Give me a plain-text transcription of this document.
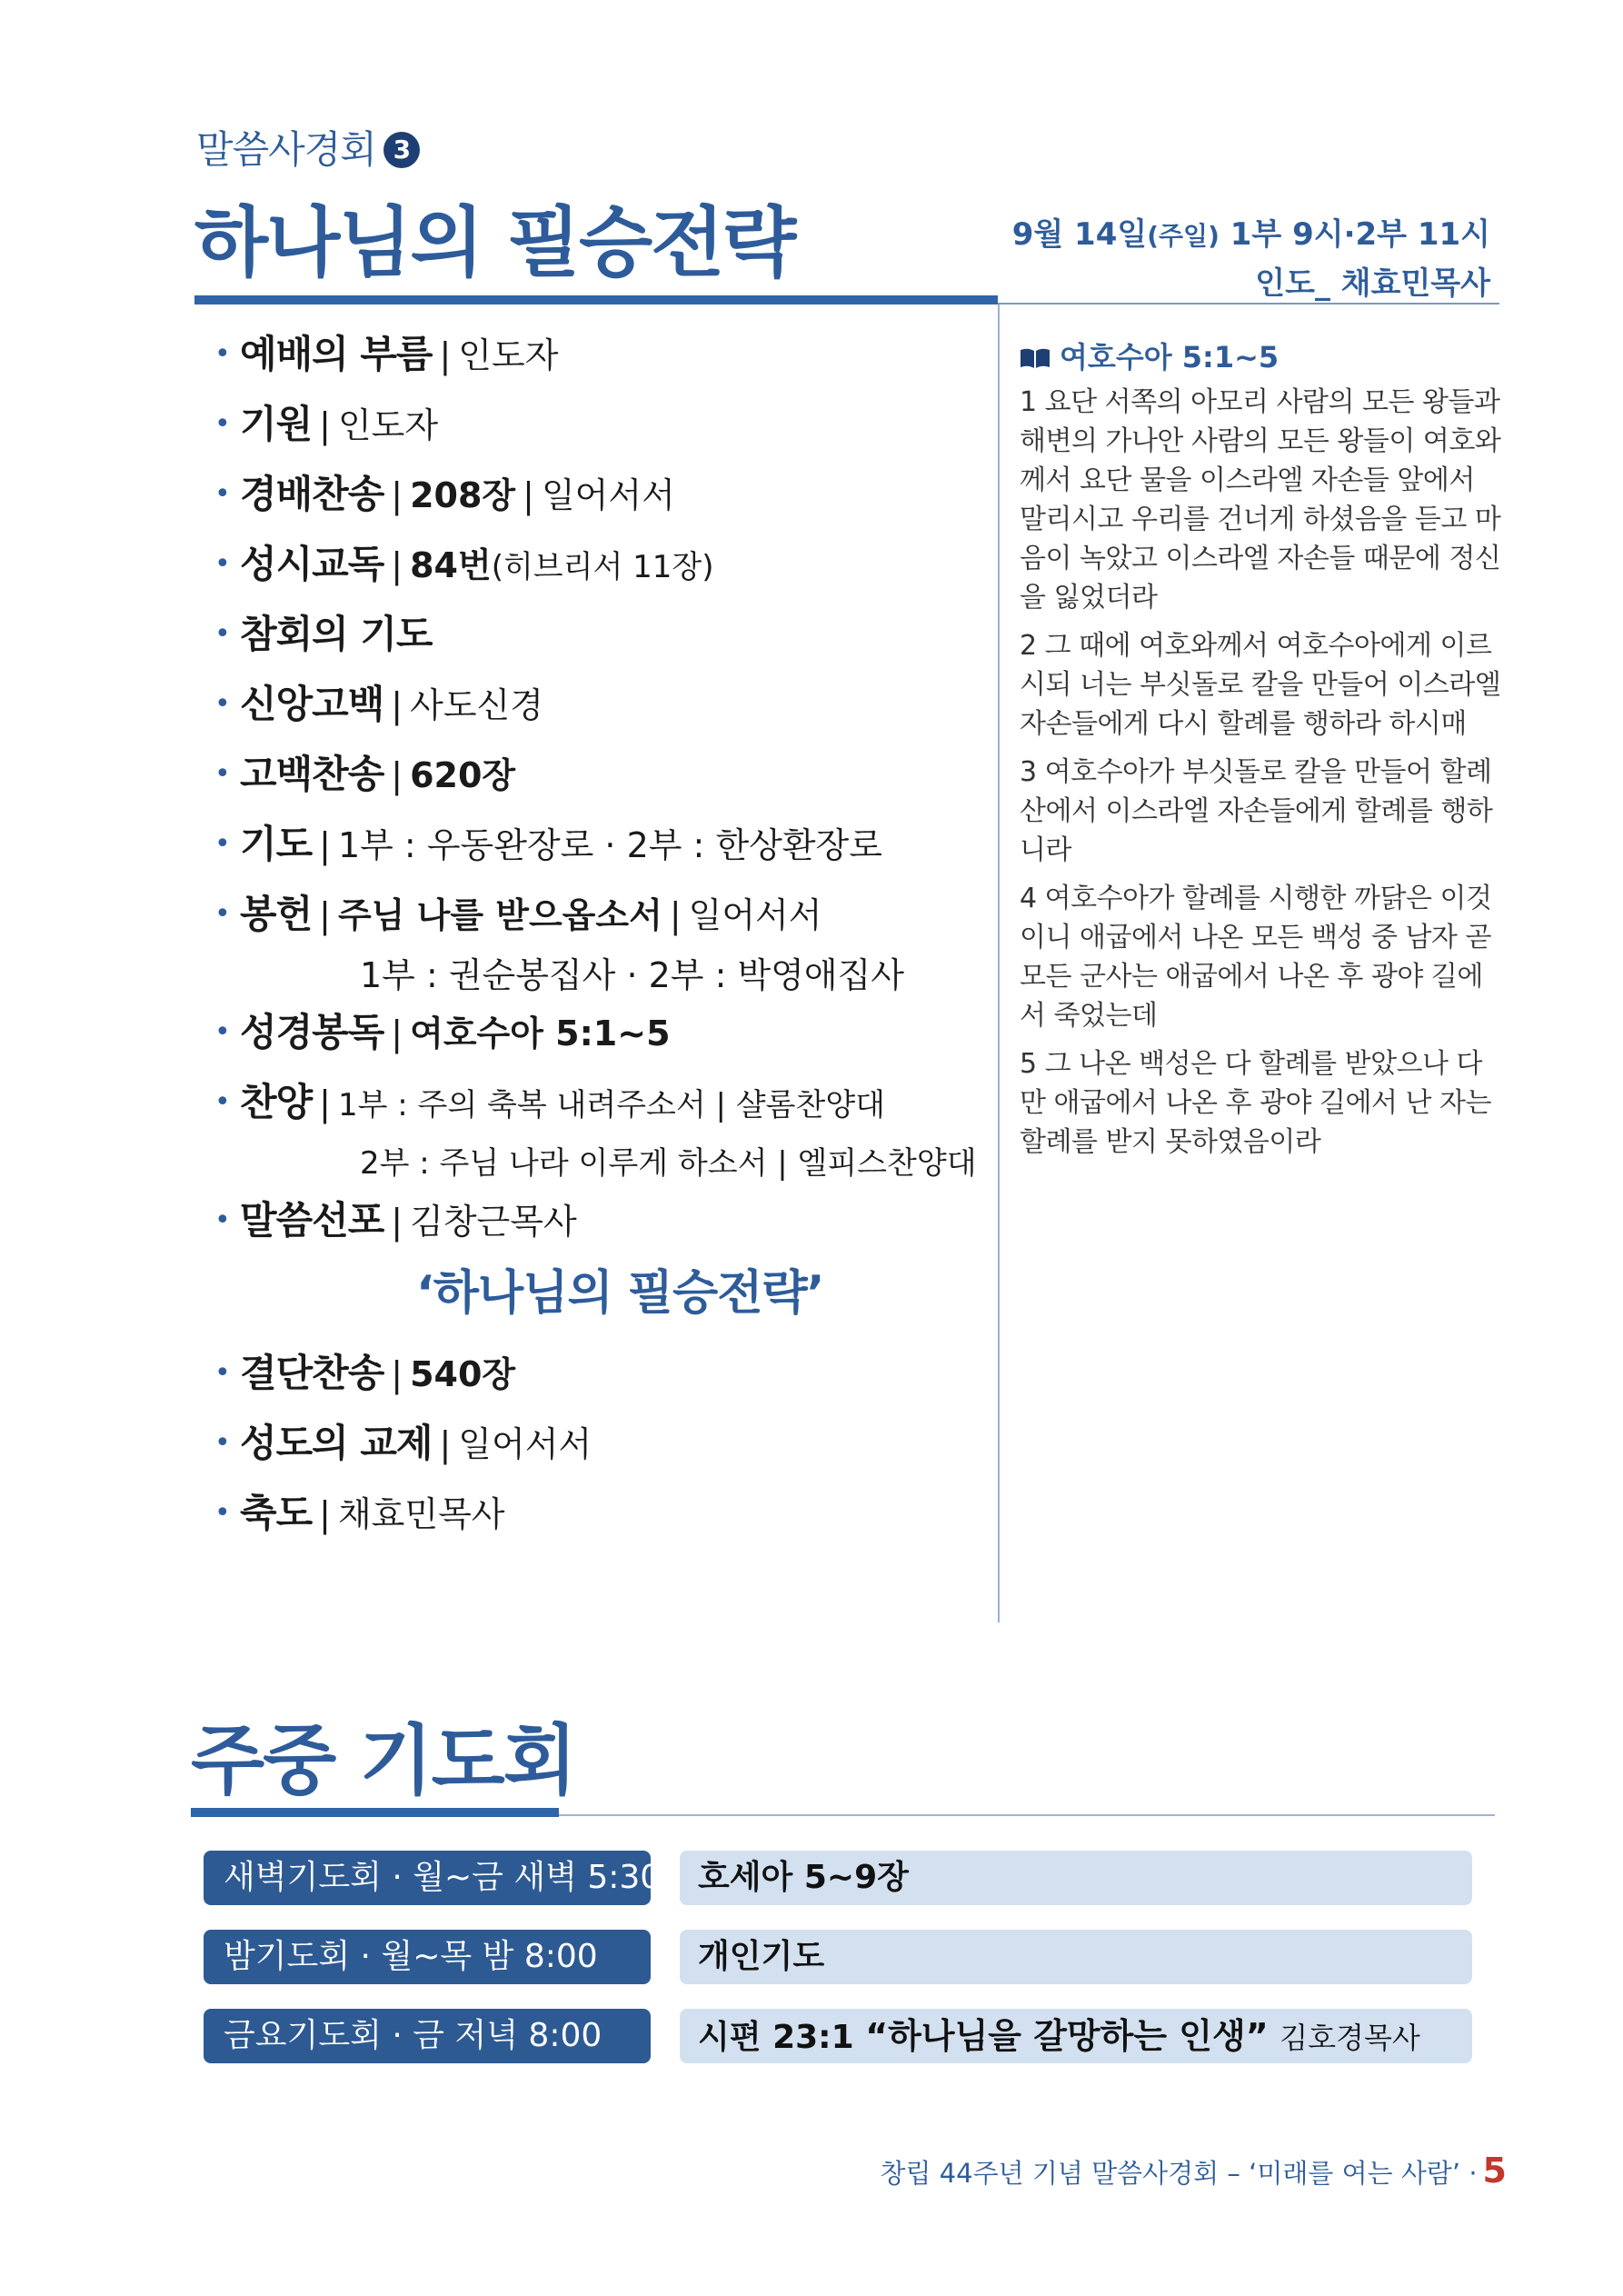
말씀사경회 3
하나님의 필승전략	9월 14일(주일) 1부 9시·2부 11시
인도_ 채효민목사
• 예배의 부름 | 인도자
• 기원 | 인도자
• 경배찬송 | 208장 | 일어서서
• 성시교독 | 84번(히브리서 11장)
• 참회의 기도
• 신앙고백 | 사도신경
• 고백찬송 | 620장
• 기도 | 1부 : 우동완장로 · 2부 : 한상환장로
• 봉헌 | 주님 나를 받으옵소서 | 일어서서
1부 : 권순봉집사 · 2부 : 박영애집사
• 성경봉독 | 여호수아 5:1~5
• 찬양 | 1부 : 주의 축복 내려주소서 | 샬롬찬양대
2부 : 주님 나라 이루게 하소서 | 엘피스찬양대
• 말씀선포 | 김창근목사
‘하나님의 필승전략’
• 결단찬송 | 540장
• 성도의 교제 | 일어서서
• 축도 | 채효민목사
여호수아 5:1~5
1 요단 서쪽의 아모리 사람의 모든 왕들과 해변의 가나안 사람의 모든 왕들이 여호와께서 요단 물을 이스라엘 자손들 앞에서 말리시고 우리를 건너게 하셨음을 듣고 마음이 녹았고 이스라엘 자손들 때문에 정신을 잃었더라
2 그 때에 여호와께서 여호수아에게 이르시되 너는 부싯돌로 칼을 만들어 이스라엘 자손들에게 다시 할례를 행하라 하시매
3 여호수아가 부싯돌로 칼을 만들어 할례 산에서 이스라엘 자손들에게 할례를 행하니라
4 여호수아가 할례를 시행한 까닭은 이것이니 애굽에서 나온 모든 백성 중 남자 곧 모든 군사는 애굽에서 나온 후 광야 길에서 죽었는데
5 그 나온 백성은 다 할례를 받았으나 다만 애굽에서 나온 후 광야 길에서 난 자는 할례를 받지 못하였음이라
주중 기도회
새벽기도회 · 월~금 새벽 5:30	호세아 5~9장
밤기도회 · 월~목 밤 8:00	개인기도
금요기도회 · 금 저녁 8:00	시편 23:1 “하나님을 갈망하는 인생” 김호경목사
창립 44주년 기념 말씀사경회 – ‘미래를 여는 사람’ · 5
